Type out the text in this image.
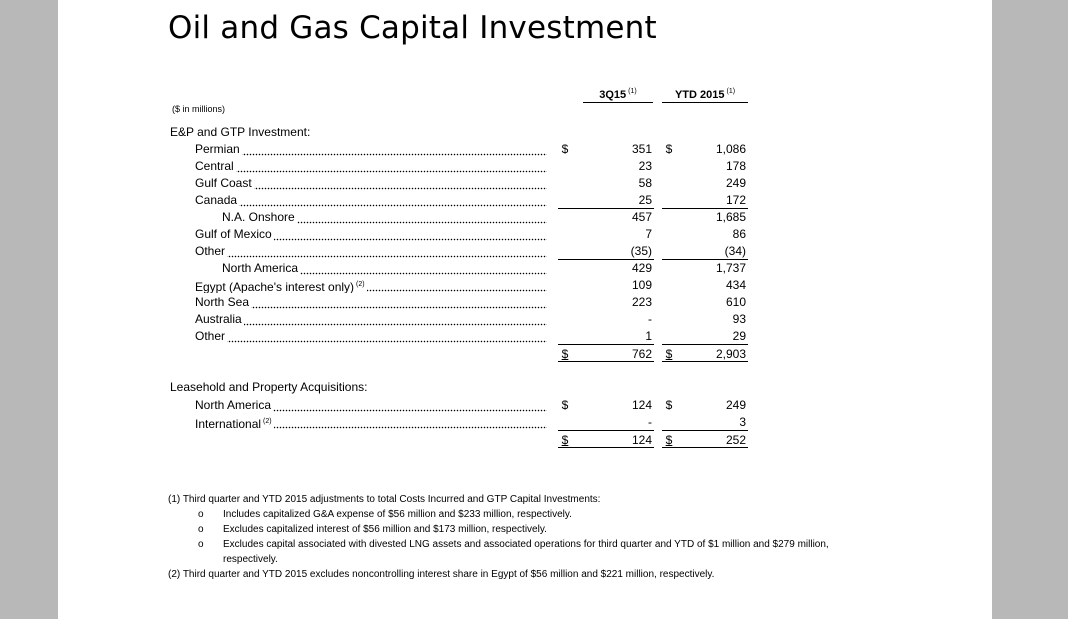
Oil and Gas Capital Investment
3Q15 $^{(1)}$	YTD 2015 $^{(1)}$
($ in millions)
E&P and GTP Investment:
Permian	$	351 $	1,086
Central	23	178
Gulf Coast	58	249
Canada	25	172
N.A. Onshore	457	1,685
Gulf of Mexico	7	86
Other	(35)	(34)
North America	429	1,737
Egypt (Apache's interest only) $^{(2)}$	109	434
North Sea	223	610
Australia	-	93
Other	1	29
$	762 $	2,903
Leasehold and Property Acquisitions:
North America	$	124 $	249
International $^{(2)}$	-	3
$	124 $	252
(1) Third quarter and YTD 2015 adjustments to total Costs Incurred and GTP Capital Investments:
o	Includes capitalized G&A expense of $56 million and $233 million, respectively.
o	Excludes capitalized interest of $56 million and $173 million, respectively.
o	Excludes capital associated with divested LNG assets and associated operations for third quarter and YTD of $1 million and $279 million,
respectively.
(2) Third quarter and YTD 2015 excludes noncontrolling interest share in Egypt of $56 million and $221 million, respectively.
